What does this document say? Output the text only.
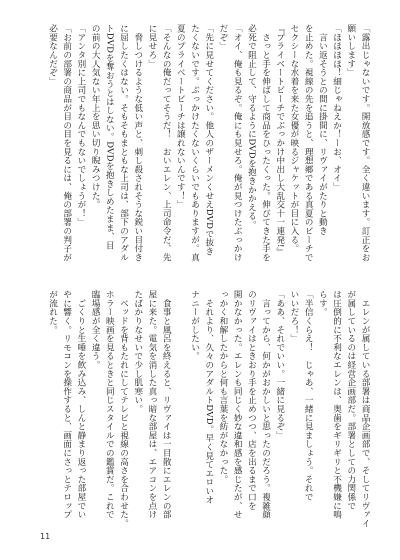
「露出じゃないです。開放感です。全く違います。訂正をお
願いします」
「ほほほほ！細じゃねえか！ーお、オイ」
　言い返そうとの間に掛間に、リヴァイがたりと動き
を止めた。視線の先を追うと、理想郷である真夏のビーチで
セクシーな水着を来た女優が映るジャケットが目に入る。
『プライベートビーチでぶっかけ中出し大乱交十一連発!』
　さっと手を伸ばして商品をひったくった。伸びてきた手を
必死で阻止して、守るようにDVDを抱きかかえる。
「オイ、俺も見るぞ。俺にも見せろ。俺が見つけたぶっかけ
だぞ」
「先に見せてください。他人のザーメンくせえDVDで抜き
たくないです。ぶっかけたくないくらいでもありますが。真
夏のプライベートビーチは譲れないんです！」
「そんなの俺だってそうだ！　おいエレン、上司命令だ、先
に見せろ」
　脅しつけるような低い声と、刺し殺されそうな鋭い目付き
に屈したくはない。そもそもまともな上司は、部下のアダル
トDVDを奪おうとはしない。DVDを抱きしめたまま、目
の前の大人気ない年上を思い切り睨みつけた。
「アンタ別に上司でもなんでもないでしょうが！」
「お前の部署の商品が目の目を見るには、俺の部署の判子が
必要なんだぞ」
　エレンが属している部署は商品企画部で、そしてリヴァイ
が属しているのは経営企画部だ。部署としての力関係で
は圧倒的に不利なエレンは、奥歯をギリギリと不機嫌に鳴
らす。
「半信くらえ！　じゃあ、一緒に見ましょう。それで
いいだろ！」
「ああ、それでいい。一緒に見るぞ」
　言ってから、何かがおかしいと思ったのだろう。複雑顔
のリヴァイはときおり手を止めつつ、店を出るまで口を
開かなかった。エレンも同じく妙な違和感を感じたが、せ
っかく和解したからと何も言葉を紡がなかった。
　それより、久々のアダルトDVD。早く見てエロいオ
ナニーがしたい。

　食事と風呂を終えると、リヴァイは一目散にエレンの部
屋に来た。電気を消した真っ暗な部屋は、エアコンを点け
たばかりなせいで少し肌寒い。
　ベッドを背もたれにしてテレビと視線の高さを合わせた。
ホラー映画を見るときと同じスタイルでの鑑賞だ。これで
臨場感が全く違う。
　ごくりと生唾を飲み込み、しんと静まり返った部屋でい
やに響く。リモコンを操作すると、画面にさっとテロップ
が流れた。
11
